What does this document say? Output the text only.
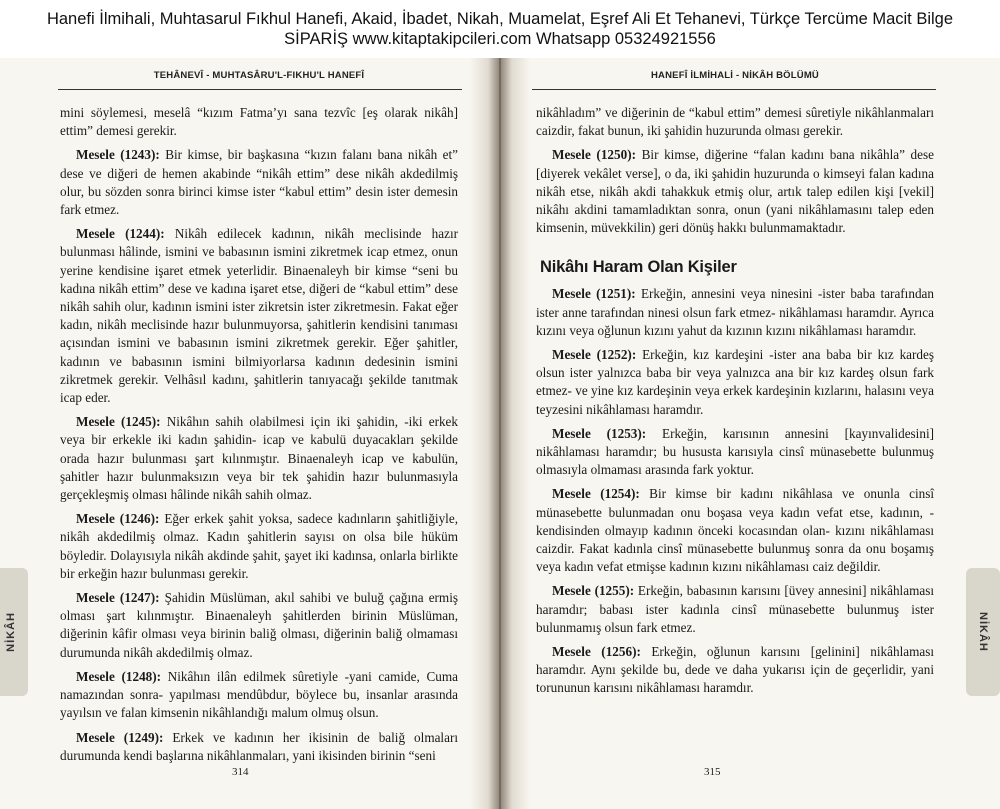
Hanefi İlmihali, Muhtasarul Fıkhul Hanefi, Akaid, İbadet, Nikah, Muamelat, Eşref Ali Et Tehanevi, Türkçe Tercüme Macit Bilge
SİPARİŞ www.kitaptakipcileri.com Whatsapp 05324921556
TEHÂNEVÎ - MUHTASÂRU'L-FIKHU'L HANEFÎ

mini söylemesi, meselâ “kızım Fatma’yı sana tezvîc [eş olarak nikâh] ettim” demesi gerekir.

Mesele (1243): Bir kimse, bir başkasına “kızın falanı bana nikâh et” dese ve diğeri de hemen akabinde “nikâh ettim” dese nikâh akdedilmiş olur, bu sözden sonra birinci kimse ister “kabul ettim” desin ister demesin fark etmez.

Mesele (1244): Nikâh edilecek kadının, nikâh meclisinde hazır bulunması hâlinde, ismini ve babasının ismini zikretmek icap etmez, onun yerine kendisine işaret etmek yeterlidir. Binaenaleyh bir kimse “seni bu kadına nikâh ettim” dese ve kadına işaret etse, diğeri de “kabul ettim” dese nikâh sahih olur, kadının ismini ister zikretsin ister zikretmesin. Fakat eğer kadın, nikâh meclisinde hazır bulunmuyorsa, şahitlerin kendisini tanıması açısından ismini ve babasının ismini zikretmek gerekir. Eğer şahitler, kadının ve babasının ismini bilmiyorlarsa kadının dedesinin ismini zikretmek gerekir. Velhâsıl kadını, şahitlerin tanıyacağı şekilde tanıtmak icap eder.

Mesele (1245): Nikâhın sahih olabilmesi için iki şahidin, -iki erkek veya bir erkekle iki kadın şahidin- icap ve kabulü duyacakları şekilde orada hazır bulunması şart kılınmıştır. Binaenaleyh icap ve kabulün, şahitler hazır bulunmaksızın veya bir tek şahidin hazır bulunmasıyla gerçekleşmiş olması hâlinde nikâh sahih olmaz.

Mesele (1246): Eğer erkek şahit yoksa, sadece kadınların şahitliğiyle, nikâh akdedilmiş olmaz. Kadın şahitlerin sayısı on olsa bile hüküm böyledir. Dolayısıyla nikâh akdinde şahit, şayet iki kadınsa, onlarla birlikte bir erkeğin hazır bulunması gerekir.

Mesele (1247): Şahidin Müslüman, akıl sahibi ve buluğ çağına ermiş olması şart kılınmıştır. Binaenaleyh şahitlerden birinin Müslüman, diğerinin kâfir olması veya birinin baliğ olması, diğerinin baliğ olmaması durumunda nikâh akdedilmiş olmaz.

Mesele (1248): Nikâhın ilân edilmek sûretiyle -yani camide, Cuma namazından sonra- yapılması mendûbdur, böylece bu, insanlar arasında yayılsın ve falan kimsenin nikâhlandığı malum olmuş olsun.

Mesele (1249): Erkek ve kadının her ikisinin de baliğ olmaları durumunda kendi başlarına nikâhlanmaları, yani ikisinden birinin “seni

NİKÂH
314
HANEFÎ İLMİHALİ - NİKÂH BÖLÜMÜ

nikâhladım” ve diğerinin de “kabul ettim” demesi sûretiyle nikâhlanmaları caizdir, fakat bunun, iki şahidin huzurunda olması gerekir.

Mesele (1250): Bir kimse, diğerine “falan kadını bana nikâhla” dese [diyerek vekâlet verse], o da, iki şahidin huzurunda o kimseyi falan kadına nikâh etse, nikâh akdi tahakkuk etmiş olur, artık talep edilen kişi [vekil] nikâhı akdini tamamladıktan sonra, onun (yani nikâhlamasını talep eden kimsenin, müvekkilin) geri dönüş hakkı bulunmamaktadır.

Nikâhı Haram Olan Kişiler

Mesele (1251): Erkeğin, annesini veya ninesini -ister baba tarafından ister anne tarafından ninesi olsun fark etmez- nikâhlaması haramdır. Ayrıca kızını veya oğlunun kızını yahut da kızının kızını nikâhlaması haramdır.

Mesele (1252): Erkeğin, kız kardeşini -ister ana baba bir kız kardeş olsun ister yalnızca baba bir veya yalnızca ana bir kız kardeş olsun fark etmez- ve yine kız kardeşinin veya erkek kardeşinin kızlarını, halasını veya teyzesini nikâhlaması haramdır.

Mesele (1253): Erkeğin, karısının annesini [kayınvalidesini] nikâhlaması haramdır; bu hususta karısıyla cinsî münasebette bulunmuş olmasıyla olmaması arasında fark yoktur.

Mesele (1254): Bir kimse bir kadını nikâhlasa ve onunla cinsî münasebette bulunmadan onu boşasa veya kadın vefat etse, kadının, -kendisinden olmayıp kadının önceki kocasından olan- kızını nikâhlaması caizdir. Fakat kadınla cinsî münasebette bulunmuş sonra da onu boşamış veya kadın vefat etmişse kadının kızını nikâhlaması caiz değildir.

Mesele (1255): Erkeğin, babasının karısını [üvey annesini] nikâhlaması haramdır; babası ister kadınla cinsî münasebette bulunmuş ister bulunmamış olsun fark etmez.

Mesele (1256): Erkeğin, oğlunun karısını [gelinini] nikâhlaması haramdır. Aynı şekilde bu, dede ve daha yukarısı için de geçerlidir, yani torununun karısını nikâhlaması haramdır.

NİKÂH
315
